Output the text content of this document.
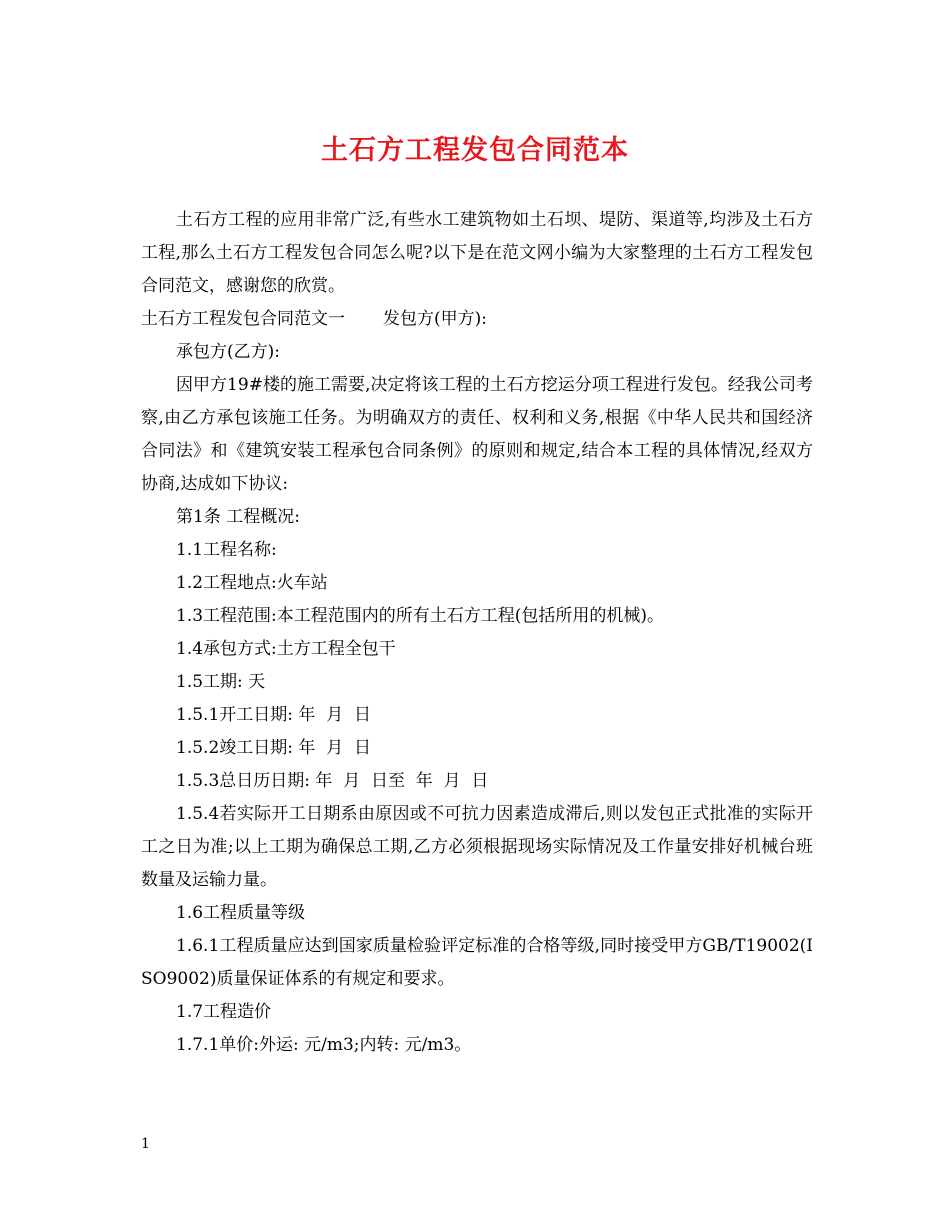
土石方工程发包合同范本

土石方工程的应用非常广泛,有些水工建筑物如土石坝、堤防、渠道等,均涉及土石方工程,那么土石方工程发包合同怎么呢?以下是在范文网小编为大家整理的土石方工程发包合同范文，感谢您的欣赏。

土石方工程发包合同范文一 发包方(甲方):

承包方(乙方):

因甲方19#楼的施工需要,决定将该工程的土石方挖运分项工程进行发包。经我公司考察,由乙方承包该施工任务。为明确双方的责任、权利和义务,根据《中华人民共和国经济合同法》和《建筑安装工程承包合同条例》的原则和规定,结合本工程的具体情况,经双方协商,达成如下协议:

第1条 工程概况:

1.1工程名称:

1.2工程地点:火车站

1.3工程范围:本工程范围内的所有土石方工程(包括所用的机械)。

1.4承包方式:土方工程全包干

1.5工期: 天

1.5.1开工日期: 年  月  日

1.5.2竣工日期: 年  月  日

1.5.3总日历日期: 年  月  日至  年  月  日

1.5.4若实际开工日期系由原因或不可抗力因素造成滞后,则以发包正式批准的实际开工之日为准;以上工期为确保总工期,乙方必须根据现场实际情况及工作量安排好机械台班数量及运输力量。

1.6工程质量等级

1.6.1工程质量应达到国家质量检验评定标准的合格等级,同时接受甲方GB/T19002(ISO9002)质量保证体系的有规定和要求。

1.7工程造价

1.7.1单价:外运: 元/m3;内转: 元/m3。

1
